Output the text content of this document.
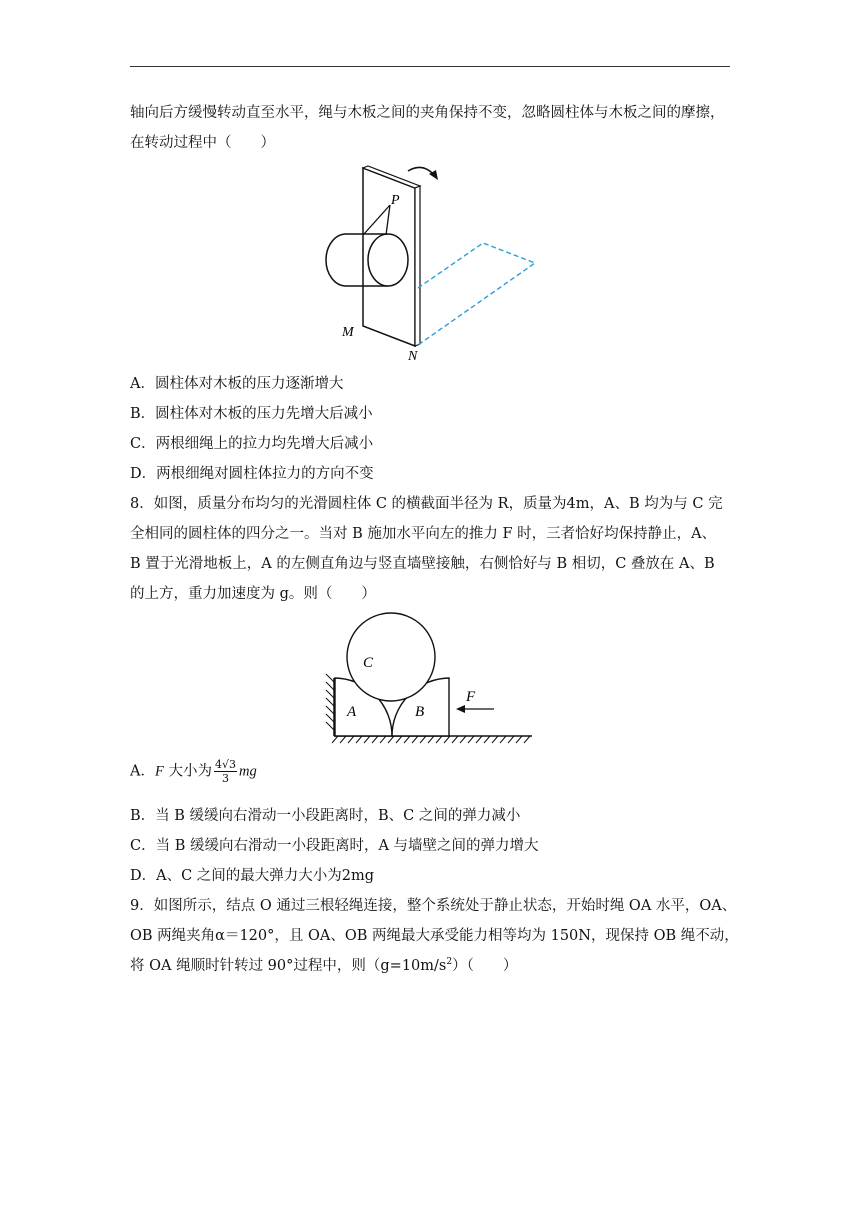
轴向后方缓慢转动直至水平，绳与木板之间的夹角保持不变，忽略圆柱体与木板之间的摩擦，
在转动过程中（　　）
P
M
N
A．圆柱体对木板的压力逐渐增大
B．圆柱体对木板的压力先增大后减小
C．两根细绳上的拉力均先增大后减小
D．两根细绳对圆柱体拉力的方向不变
8．如图，质量分布均匀的光滑圆柱体 C 的横截面半径为 R，质量为4m，A、B 均为与 C 完
全相同的圆柱体的四分之一。当对 B 施加水平向左的推力 F 时，三者恰好均保持静止，A、
B 置于光滑地板上，A 的左侧直角边与竖直墙壁接触，右侧恰好与 B 相切，C 叠放在 A、B
的上方，重力加速度为 g。则（　　）
C
A	B
F
A．F 大小为 $\frac{4√3}{3}$ mg
B．当 B 缓缓向右滑动一小段距离时，B、C 之间的弹力减小
C．当 B 缓缓向右滑动一小段距离时，A 与墙壁之间的弹力增大
D．A、C 之间的最大弹力大小为2mg
9．如图所示，结点 O 通过三根轻绳连接，整个系统处于静止状态，开始时绳 OA 水平，OA、
OB 两绳夹角α＝120°，且 OA、OB 两绳最大承受能力相等均为 150N，现保持 OB 绳不动，
将 OA 绳顺时针转过 90°过程中，则$(g=10m/s^2)$（　　）
